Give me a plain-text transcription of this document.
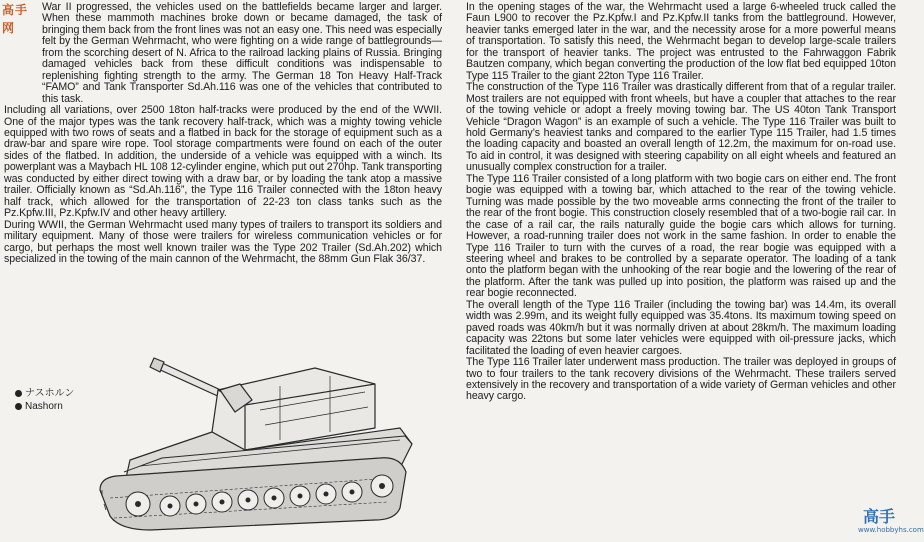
War II progressed, the vehicles used on the battlefields became larger and larger. When these mammoth machines broke down or became damaged, the task of bringing them back from the front lines was not an easy one. This need was especially felt by the German Wehrmacht, who were fighting on a wide range of battlegrounds—from the scorching desert of N. Africa to the railroad lacking plains of Russia. Bringing damaged vehicles back from these difficult conditions was indispensable to replenishing fighting strength to the army. The German 18 Ton Heavy Half-Track “FAMO” and Tank Transporter Sd.Ah.116 was one of the vehicles that contributed to this task.

Including all variations, over 2500 18ton half-tracks were produced by the end of the WWII. One of the major types was the tank recovery half-track, which was a mighty towing vehicle equipped with two rows of seats and a flatbed in back for the storage of equipment such as a draw-bar and spare wire rope. Tool storage compartments were found on each of the outer sides of the flatbed. In addition, the underside of a vehicle was equipped with a winch. Its powerplant was a Maybach HL 108 12-cylinder engine, which put out 270hp. Tank transporting was conducted by either direct towing with a draw bar, or by loading the tank atop a massive trailer. Officially known as “Sd.Ah.116”, the Type 116 Trailer connected with the 18ton heavy half track, which allowed for the transportation of 22-23 ton class tanks such as the Pz.Kpfw.III, Pz.Kpfw.IV and other heavy artillery.

During WWII, the German Wehrmacht used many types of trailers to transport its soldiers and military equipment. Many of those were trailers for wireless communication vehicles or for cargo, but perhaps the most well known trailer was the Type 202 Trailer (Sd.Ah.202) which specialized in the towing of the main cannon of the Wehrmacht, the 88mm Gun Flak 36/37.

高手网

In the opening stages of the war, the Wehrmacht used a large 6-wheeled truck called the Faun L900 to recover the Pz.Kpfw.I and Pz.Kpfw.II tanks from the battleground. However, heavier tanks emerged later in the war, and the necessity arose for a more powerful means of transportation. To satisfy this need, the Wehrmacht began to develop large-scale trailers for the transport of heavier tanks. The project was entrusted to the Fahrwaggon Fabrik Bautzen company, which began converting the production of the low flat bed equipped 10ton Type 115 Trailer to the giant 22ton Type 116 Trailer.

The construction of the Type 116 Trailer was drastically different from that of a regular trailer. Most trailers are not equipped with front wheels, but have a coupler that attaches to the rear of the towing vehicle or adopt a freely moving towing bar. The US 40ton Tank Transport Vehicle “Dragon Wagon” is an example of such a vehicle. The Type 116 Trailer was built to hold Germany’s heaviest tanks and compared to the earlier Type 115 Trailer, had 1.5 times the loading capacity and boasted an overall length of 12.2m, the maximum for on-road use. To aid in control, it was designed with steering capability on all eight wheels and featured an unusually complex construction for a trailer.

The Type 116 Trailer consisted of a long platform with two bogie cars on either end. The front bogie was equipped with a towing bar, which attached to the rear of the towing vehicle. Turning was made possible by the two moveable arms connecting the front of the trailer to the rear of the front bogie. This construction closely resembled that of a two-bogie rail car. In the case of a rail car, the rails naturally guide the bogie cars which allows for turning. However, a road-running trailer does not work in the same fashion. In order to enable the Type 116 Trailer to turn with the curves of a road, the rear bogie was equipped with a steering wheel and brakes to be controlled by a separate operator. The loading of a tank onto the platform began with the unhooking of the rear bogie and the lowering of the rear of the platform. After the tank was pulled up into position, the platform was raised up and the rear bogie reconnected.

The overall length of the Type 116 Trailer (including the towing bar) was 14.4m, its overall width was 2.99m, and its weight fully equipped was 35.4tons. Its maximum towing speed on paved roads was 40km/h but it was normally driven at about 28km/h. The maximum loading capacity was 22tons but some later vehicles were equipped with oil-pressure jacks, which facilitated the loading of even heavier cargoes.

The Type 116 Trailer later underwent mass production. The trailer was deployed in groups of two to four trailers to the tank recovery divisions of the Wehrmacht. These trailers served extensively in the recovery and transportation of a wide variety of German vehicles and other heavy cargo.

ナスホルン
Nashorn
高手
www.hobbyhs.com
